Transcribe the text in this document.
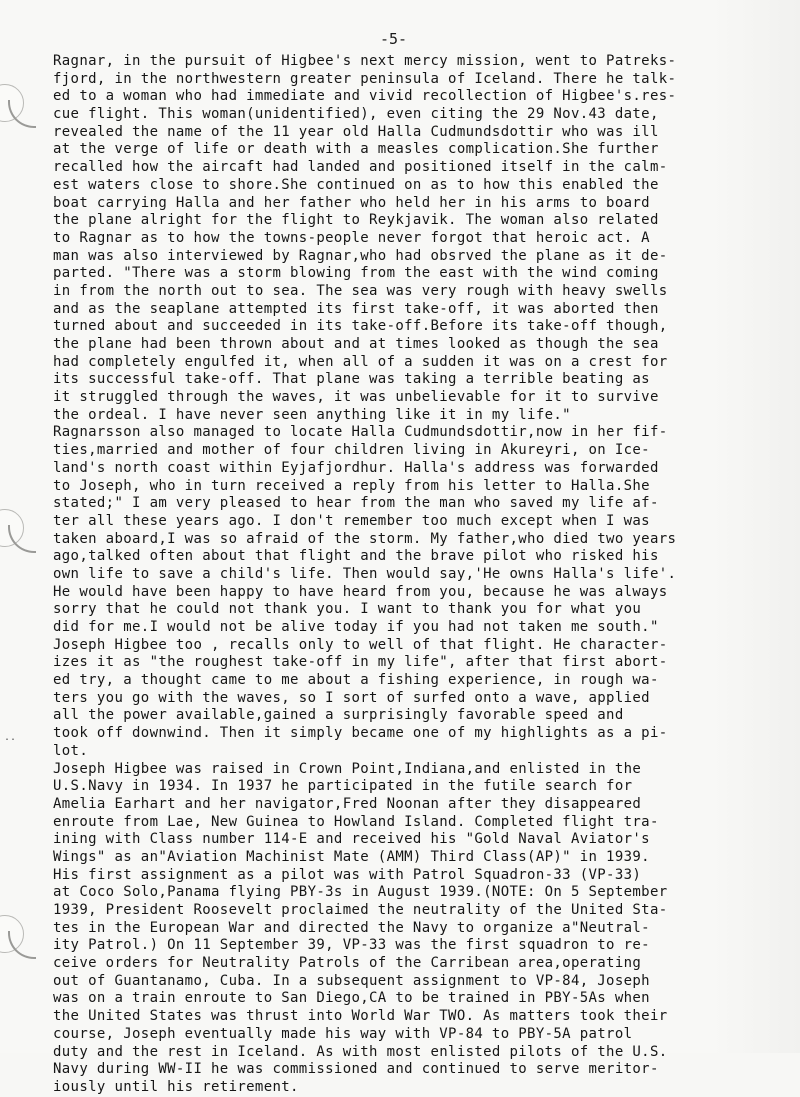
..
-5-
Ragnar, in the pursuit of Higbee's next mercy mission, went to Patreks-
fjord, in the northwestern greater peninsula of Iceland. There he talk-
ed to a woman who had immediate and vivid recollection of Higbee's.res-
cue flight. This woman(unidentified), even citing the 29 Nov.43 date,
revealed the name of the 11 year old Halla Cudmundsdottir who was ill
at the verge of life or death with a measles complication.She further
recalled how the aircaft had landed and positioned itself in the calm-
est waters close to shore.She continued on as to how this enabled the
boat carrying Halla and her father who held her in his arms to board
the plane alright for the flight to Reykjavik. The woman also related
to Ragnar as to how the towns-people never forgot that heroic act. A
man was also interviewed by Ragnar,who had obsrved the plane as it de-
parted. "There was a storm blowing from the east with the wind coming
in from the north out to sea. The sea was very rough with heavy swells
and as the seaplane attempted its first take-off, it was aborted then
turned about and succeeded in its take-off.Before its take-off though,
the plane had been thrown about and at times looked as though the sea
had completely engulfed it, when all of a sudden it was on a crest for
its successful take-off. That plane was taking a terrible beating as
it struggled through the waves, it was unbelievable for it to survive
the ordeal. I have never seen anything like it in my life."
Ragnarsson also managed to locate Halla Cudmundsdottir,now in her fif-
ties,married and mother of four children living in Akureyri, on Ice-
land's north coast within Eyjafjordhur. Halla's address was forwarded
to Joseph, who in turn received a reply from his letter to Halla.She
stated;" I am very pleased to hear from the man who saved my life af-
ter all these years ago. I don't remember too much except when I was
taken aboard,I was so afraid of the storm. My father,who died two years
ago,talked often about that flight and the brave pilot who risked his
own life to save a child's life. Then would say,'He owns Halla's life'.
He would have been happy to have heard from you, because he was always
sorry that he could not thank you. I want to thank you for what you
did for me.I would not be alive today if you had not taken me south."
Joseph Higbee too , recalls only to well of that flight. He character-
izes it as "the roughest take-off in my life", after that first abort-
ed try, a thought came to me about a fishing experience, in rough wa-
ters you go with the waves, so I sort of surfed onto a wave, applied
all the power available,gained a surprisingly favorable speed and
took off downwind. Then it simply became one of my highlights as a pi-
lot.
Joseph Higbee was raised in Crown Point,Indiana,and enlisted in the
U.S.Navy in 1934. In 1937 he participated in the futile search for
Amelia Earhart and her navigator,Fred Noonan after they disappeared
enroute from Lae, New Guinea to Howland Island. Completed flight tra-
ining with Class number 114-E and received his "Gold Naval Aviator's
Wings" as an"Aviation Machinist Mate (AMM) Third Class(AP)" in 1939.
His first assignment as a pilot was with Patrol Squadron-33 (VP-33)
at Coco Solo,Panama flying PBY-3s in August 1939.(NOTE: On 5 September
1939, President Roosevelt proclaimed the neutrality of the United Sta-
tes in the European War and directed the Navy to organize a"Neutral-
ity Patrol.) On 11 September 39, VP-33 was the first squadron to re-
ceive orders for Neutrality Patrols of the Carribean area,operating
out of Guantanamo, Cuba. In a subsequent assignment to VP-84, Joseph
was on a train enroute to San Diego,CA to be trained in PBY-5As when
the United States was thrust into World War TWO. As matters took their
course, Joseph eventually made his way with VP-84 to PBY-5A patrol
duty and the rest in Iceland. As with most enlisted pilots of the U.S.
Navy during WW-II he was commissioned and continued to serve meritor-
iously until his retirement.
